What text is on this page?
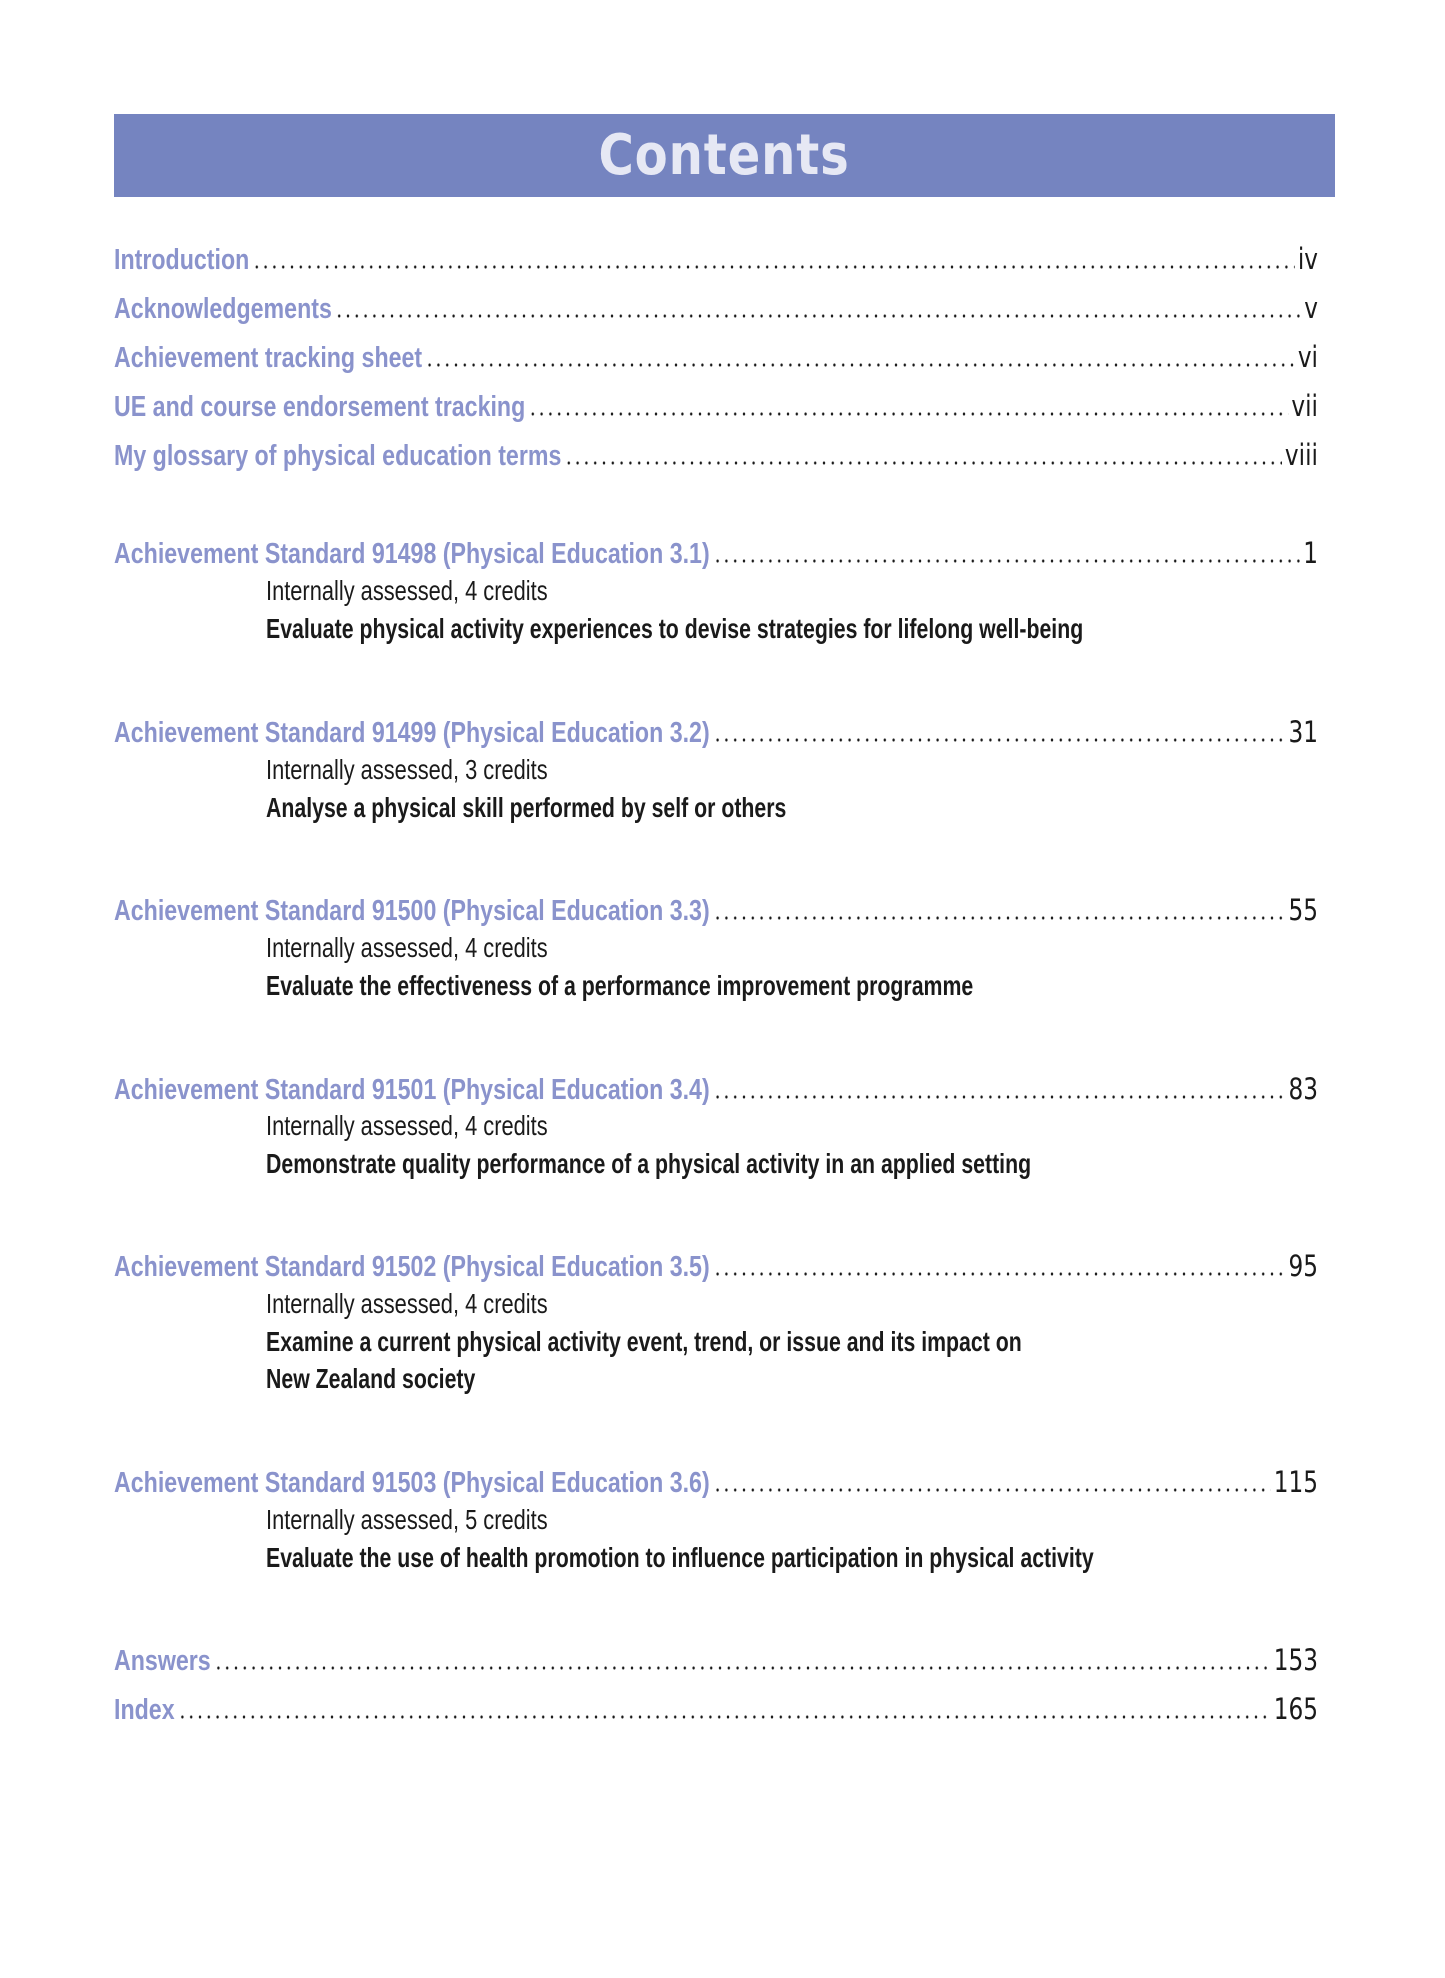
Contents
Introduction	iv
Acknowledgements	v
Achievement tracking sheet	vi
UE and course endorsement tracking	vii
My glossary of physical education terms	viii
Achievement Standard 91498 (Physical Education 3.1)	1
Internally assessed, 4 credits
Evaluate physical activity experiences to devise strategies for lifelong well-being
Achievement Standard 91499 (Physical Education 3.2)	31
Internally assessed, 3 credits
Analyse a physical skill performed by self or others
Achievement Standard 91500 (Physical Education 3.3)	55
Internally assessed, 4 credits
Evaluate the effectiveness of a performance improvement programme
Achievement Standard 91501 (Physical Education 3.4)	83
Internally assessed, 4 credits
Demonstrate quality performance of a physical activity in an applied setting
Achievement Standard 91502 (Physical Education 3.5)	95
Internally assessed, 4 credits
Examine a current physical activity event, trend, or issue and its impact on
New Zealand society
Achievement Standard 91503 (Physical Education 3.6)	115
Internally assessed, 5 credits
Evaluate the use of health promotion to influence participation in physical activity
Answers	153
Index	165
